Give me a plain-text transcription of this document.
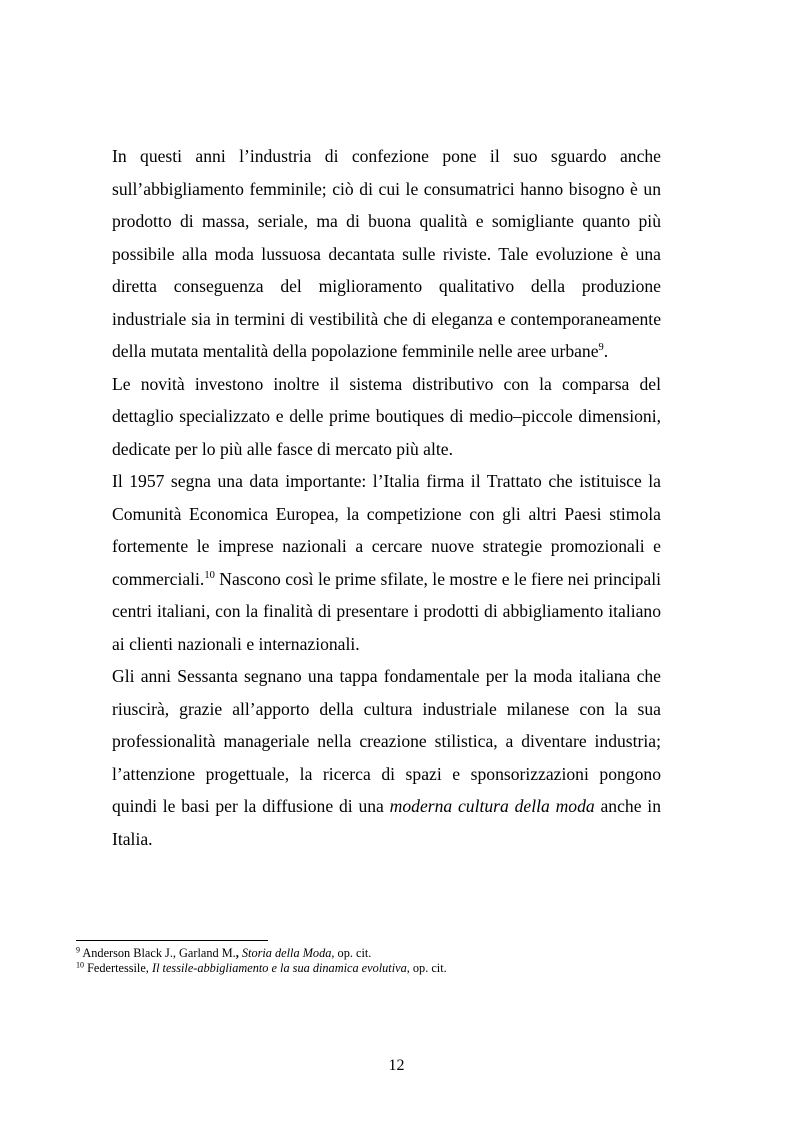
In questi anni l’industria di confezione pone il suo sguardo anche sull’abbigliamento femminile; ciò di cui le consumatrici hanno bisogno è un prodotto di massa, seriale, ma di buona qualità e somigliante quanto più possibile alla moda lussuosa decantata sulle riviste. Tale evoluzione è una diretta conseguenza del miglioramento qualitativo della produzione industriale sia in termini di vestibilità che di eleganza e contemporaneamente della mutata mentalità della popolazione femminile nelle aree urbane$^9$.

Le novità investono inoltre il sistema distributivo con la comparsa del dettaglio specializzato e delle prime boutiques di medio–piccole dimensioni, dedicate per lo più alle fasce di mercato più alte.

Il 1957 segna una data importante: l’Italia firma il Trattato che istituisce la Comunità Economica Europea, la competizione con gli altri Paesi stimola fortemente le imprese nazionali a cercare nuove strategie promozionali e commerciali.$^{10}$ Nascono così le prime sfilate, le mostre e le fiere nei principali centri italiani, con la finalità di presentare i prodotti di abbigliamento italiano ai clienti nazionali e internazionali.

Gli anni Sessanta segnano una tappa fondamentale per la moda italiana che riuscirà, grazie all’apporto della cultura industriale milanese con la sua professionalità manageriale nella creazione stilistica, a diventare industria; l’attenzione progettuale, la ricerca di spazi e sponsorizzazioni pongono quindi le basi per la diffusione di una moderna cultura della moda anche in Italia.

$^9$ Anderson Black J., Garland M., Storia della Moda, op. cit.

$^{10}$ Federtessile, Il tessile-abbigliamento e la sua dinamica evolutiva, op. cit.

12
